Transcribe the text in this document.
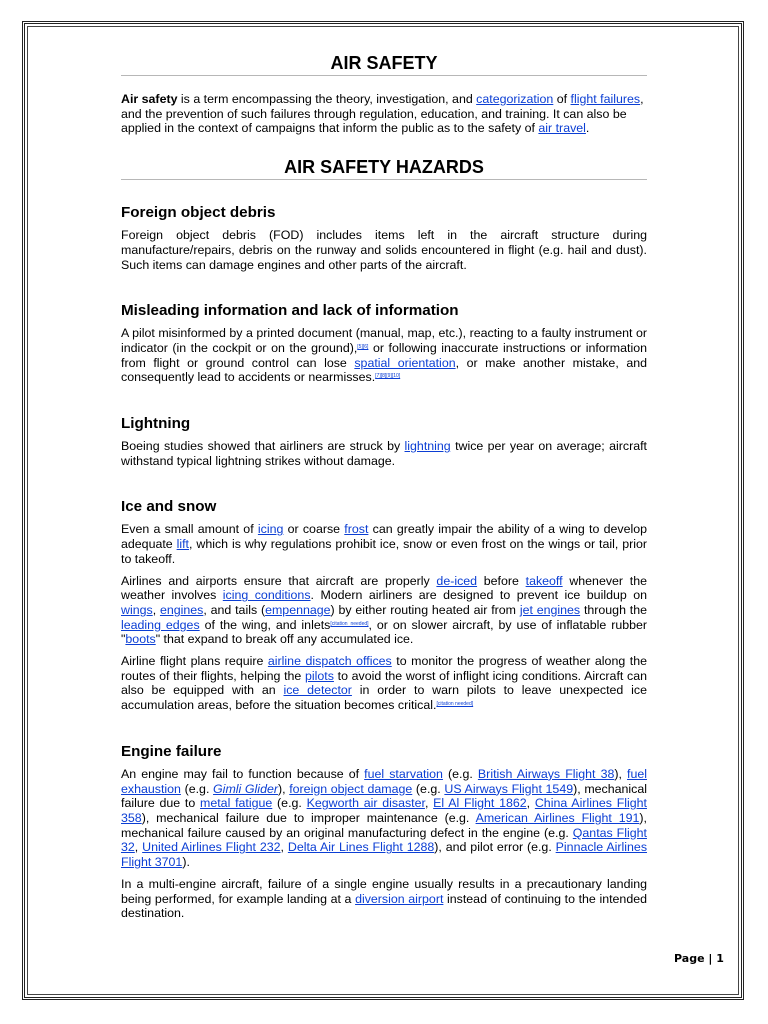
AIR SAFETY

Air safety is a term encompassing the theory, investigation, and categorization of flight failures, and the prevention of such failures through regulation, education, and training. It can also be applied in the context of campaigns that inform the public as to the safety of air travel.

AIR SAFETY HAZARDS
Foreign object debris

Foreign object debris (FOD) includes items left in the aircraft structure during manufacture/repairs, debris on the runway and solids encountered in flight (e.g. hail and dust). Such items can damage engines and other parts of the aircraft.

Misleading information and lack of information

A pilot misinformed by a printed document (manual, map, etc.), reacting to a faulty instrument or indicator (in the cockpit or on the ground),[5][6] or following inaccurate instructions or information from flight or ground control can lose spatial orientation, or make another mistake, and consequently lead to accidents or nearmisses.[7][8][9][10]

Lightning

Boeing studies showed that airliners are struck by lightning twice per year on average; aircraft withstand typical lightning strikes without damage.

Ice and snow

Even a small amount of icing or coarse frost can greatly impair the ability of a wing to develop adequate lift, which is why regulations prohibit ice, snow or even frost on the wings or tail, prior to takeoff.

Airlines and airports ensure that aircraft are properly de-iced before takeoff whenever the weather involves icing conditions. Modern airliners are designed to prevent ice buildup on wings, engines, and tails (empennage) by either routing heated air from jet engines through the leading edges of the wing, and inlets[citation needed], or on slower aircraft, by use of inflatable rubber "boots" that expand to break off any accumulated ice.

Airline flight plans require airline dispatch offices to monitor the progress of weather along the routes of their flights, helping the pilots to avoid the worst of inflight icing conditions. Aircraft can also be equipped with an ice detector in order to warn pilots to leave unexpected ice accumulation areas, before the situation becomes critical.[citation needed]

Engine failure

An engine may fail to function because of fuel starvation (e.g. British Airways Flight 38), fuel exhaustion (e.g. Gimli Glider), foreign object damage (e.g. US Airways Flight 1549), mechanical failure due to metal fatigue (e.g. Kegworth air disaster, El Al Flight 1862, China Airlines Flight 358), mechanical failure due to improper maintenance (e.g. American Airlines Flight 191), mechanical failure caused by an original manufacturing defect in the engine (e.g. Qantas Flight 32, United Airlines Flight 232, Delta Air Lines Flight 1288), and pilot error (e.g. Pinnacle Airlines Flight 3701).

In a multi-engine aircraft, failure of a single engine usually results in a precautionary landing being performed, for example landing at a diversion airport instead of continuing to the intended destination.

Page | 1
